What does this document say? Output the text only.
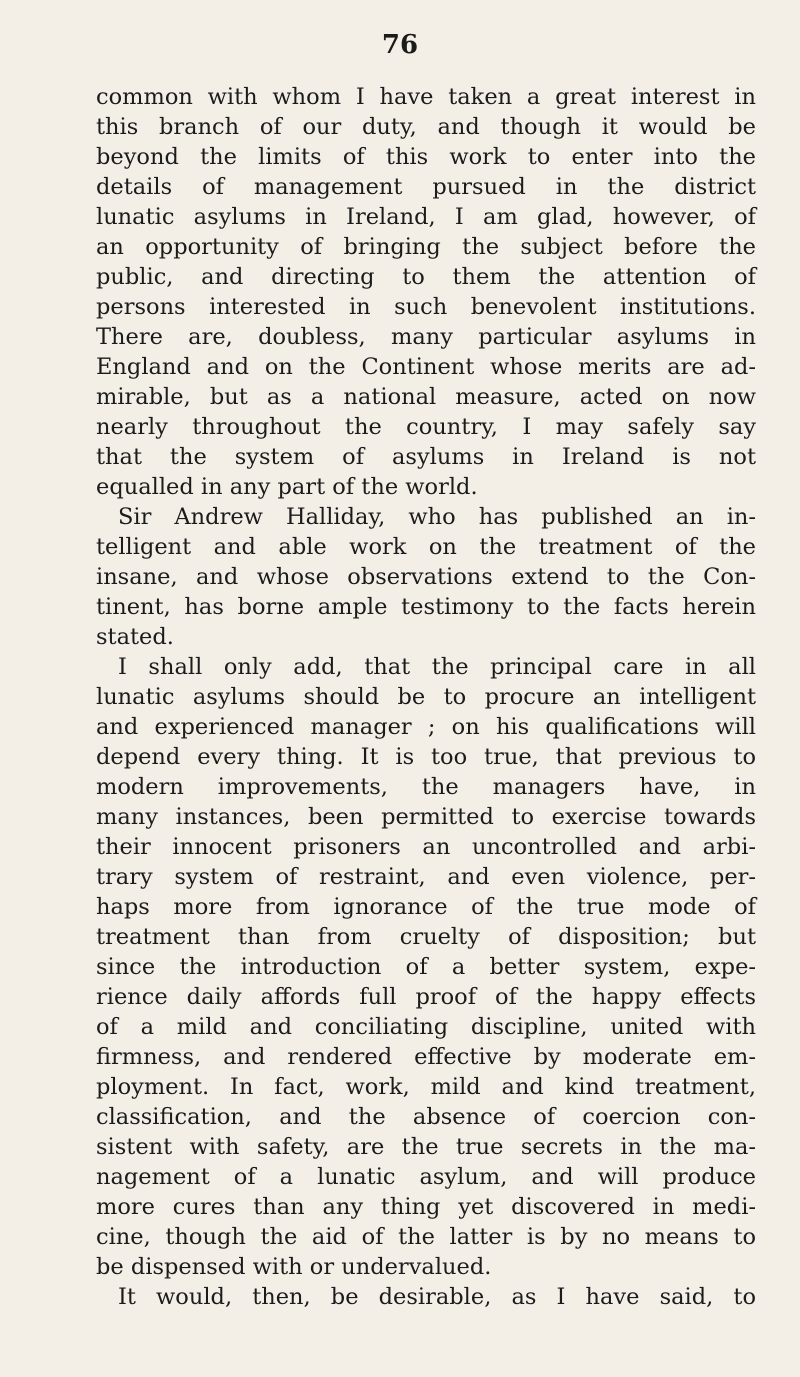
76
common with whom I have taken a great interest in
this branch of our duty, and though it would be
beyond the limits of this work to enter into the
details of management pursued in the district
lunatic asylums in Ireland, I am glad, however, of
an opportunity of bringing the subject before the
public, and directing to them the attention of
persons interested in such benevolent institutions.
There are, doubless, many particular asylums in
England and on the Continent whose merits are ad-
mirable, but as a national measure, acted on now
nearly throughout the country, I may safely say
that the system of asylums in Ireland is not
equalled in any part of the world.
Sir Andrew Halliday, who has published an in-
telligent and able work on the treatment of the
insane, and whose observations extend to the Con-
tinent, has borne ample testimony to the facts herein
stated.
I shall only add, that the principal care in all
lunatic asylums should be to procure an intelligent
and experienced manager ; on his qualifications will
depend every thing. It is too true, that previous to
modern improvements, the managers have, in
many instances, been permitted to exercise towards
their innocent prisoners an uncontrolled and arbi-
trary system of restraint, and even violence, per-
haps more from ignorance of the true mode of
treatment than from cruelty of disposition; but
since the introduction of a better system, expe-
rience daily affords full proof of the happy effects
of a mild and conciliating discipline, united with
firmness, and rendered effective by moderate em-
ployment. In fact, work, mild and kind treatment,
classification, and the absence of coercion con-
sistent with safety, are the true secrets in the ma-
nagement of a lunatic asylum, and will produce
more cures than any thing yet discovered in medi-
cine, though the aid of the latter is by no means to
be dispensed with or undervalued.
It would, then, be desirable, as I have said, to
